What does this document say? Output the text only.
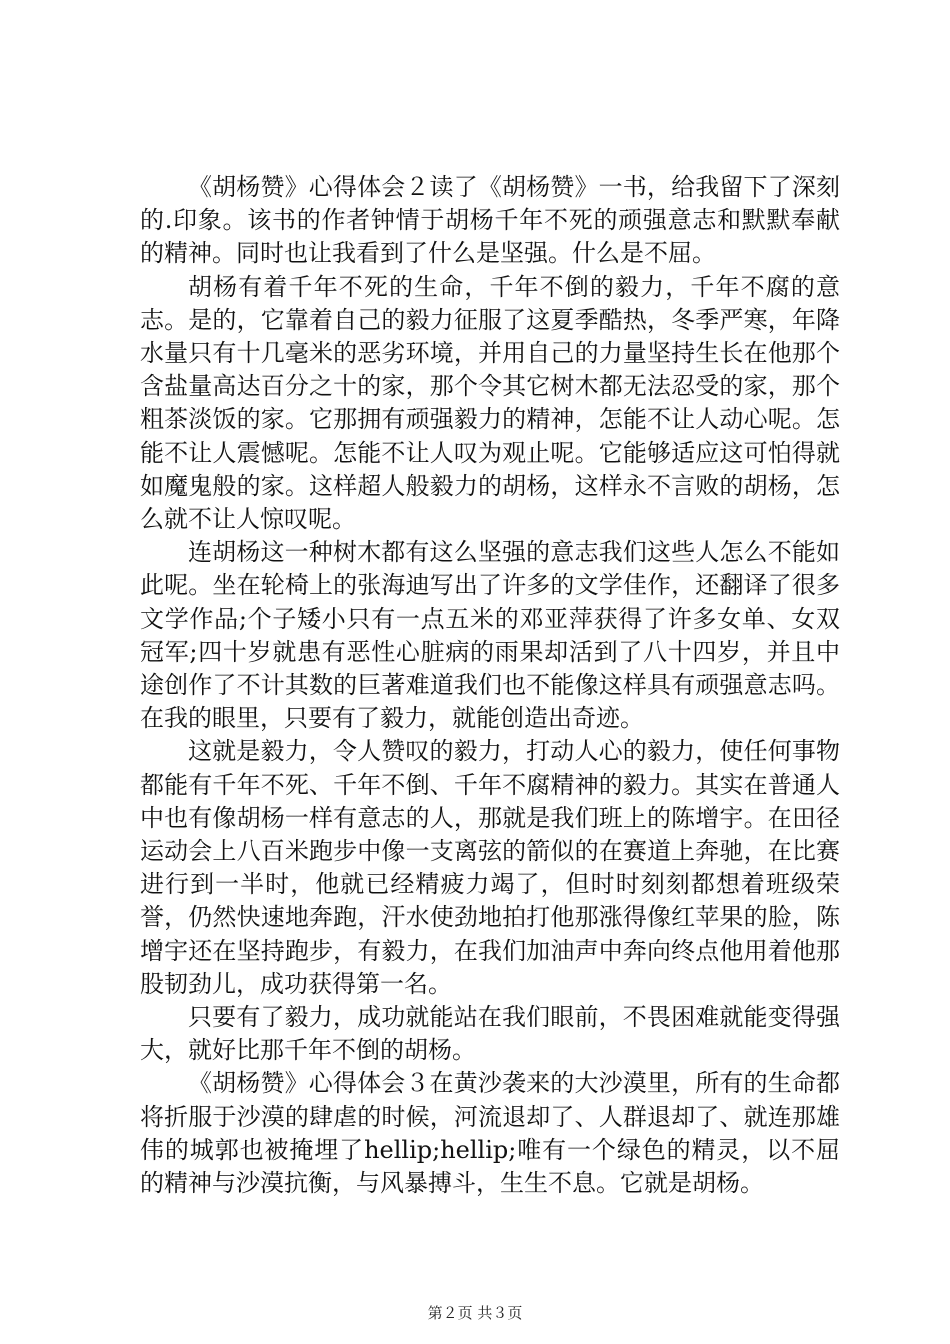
《胡杨赞》心得体会２读了《胡杨赞》一书，给我留下了深刻的.印象。该书的作者钟情于胡杨千年不死的顽强意志和默默奉献的精神。同时也让我看到了什么是坚强。什么是不屈。

胡杨有着千年不死的生命，千年不倒的毅力，千年不腐的意志。是的，它靠着自己的毅力征服了这夏季酷热，冬季严寒，年降水量只有十几毫米的恶劣环境，并用自己的力量坚持生长在他那个含盐量高达百分之十的家，那个令其它树木都无法忍受的家，那个粗茶淡饭的家。它那拥有顽强毅力的精神，怎能不让人动心呢。怎能不让人震憾呢。怎能不让人叹为观止呢。它能够适应这可怕得就如魔鬼般的家。这样超人般毅力的胡杨，这样永不言败的胡杨，怎么就不让人惊叹呢。

连胡杨这一种树木都有这么坚强的意志我们这些人怎么不能如此呢。坐在轮椅上的张海迪写出了许多的文学佳作，还翻译了很多文学作品;个子矮小只有一点五米的邓亚萍获得了许多女单、女双冠军;四十岁就患有恶性心脏病的雨果却活到了八十四岁，并且中途创作了不计其数的巨著难道我们也不能像这样具有顽强意志吗。在我的眼里，只要有了毅力，就能创造出奇迹。

这就是毅力，令人赞叹的毅力，打动人心的毅力，使任何事物都能有千年不死、千年不倒、千年不腐精神的毅力。其实在普通人中也有像胡杨一样有意志的人，那就是我们班上的陈增宇。在田径运动会上八百米跑步中像一支离弦的箭似的在赛道上奔驰，在比赛进行到一半时，他就已经精疲力竭了，但时时刻刻都想着班级荣誉，仍然快速地奔跑，汗水使劲地拍打他那涨得像红苹果的脸，陈增宇还在坚持跑步，有毅力，在我们加油声中奔向终点他用着他那股韧劲儿，成功获得第一名。

只要有了毅力，成功就能站在我们眼前，不畏困难就能变得强大，就好比那千年不倒的胡杨。

《胡杨赞》心得体会３在黄沙袭来的大沙漠里，所有的生命都将折服于沙漠的肆虐的时候，河流退却了、人群退却了、就连那雄伟的城郭也被掩埋了hellip;hellip;唯有一个绿色的精灵，以不屈的精神与沙漠抗衡，与风暴搏斗，生生不息。它就是胡杨。

第２页 共３页
